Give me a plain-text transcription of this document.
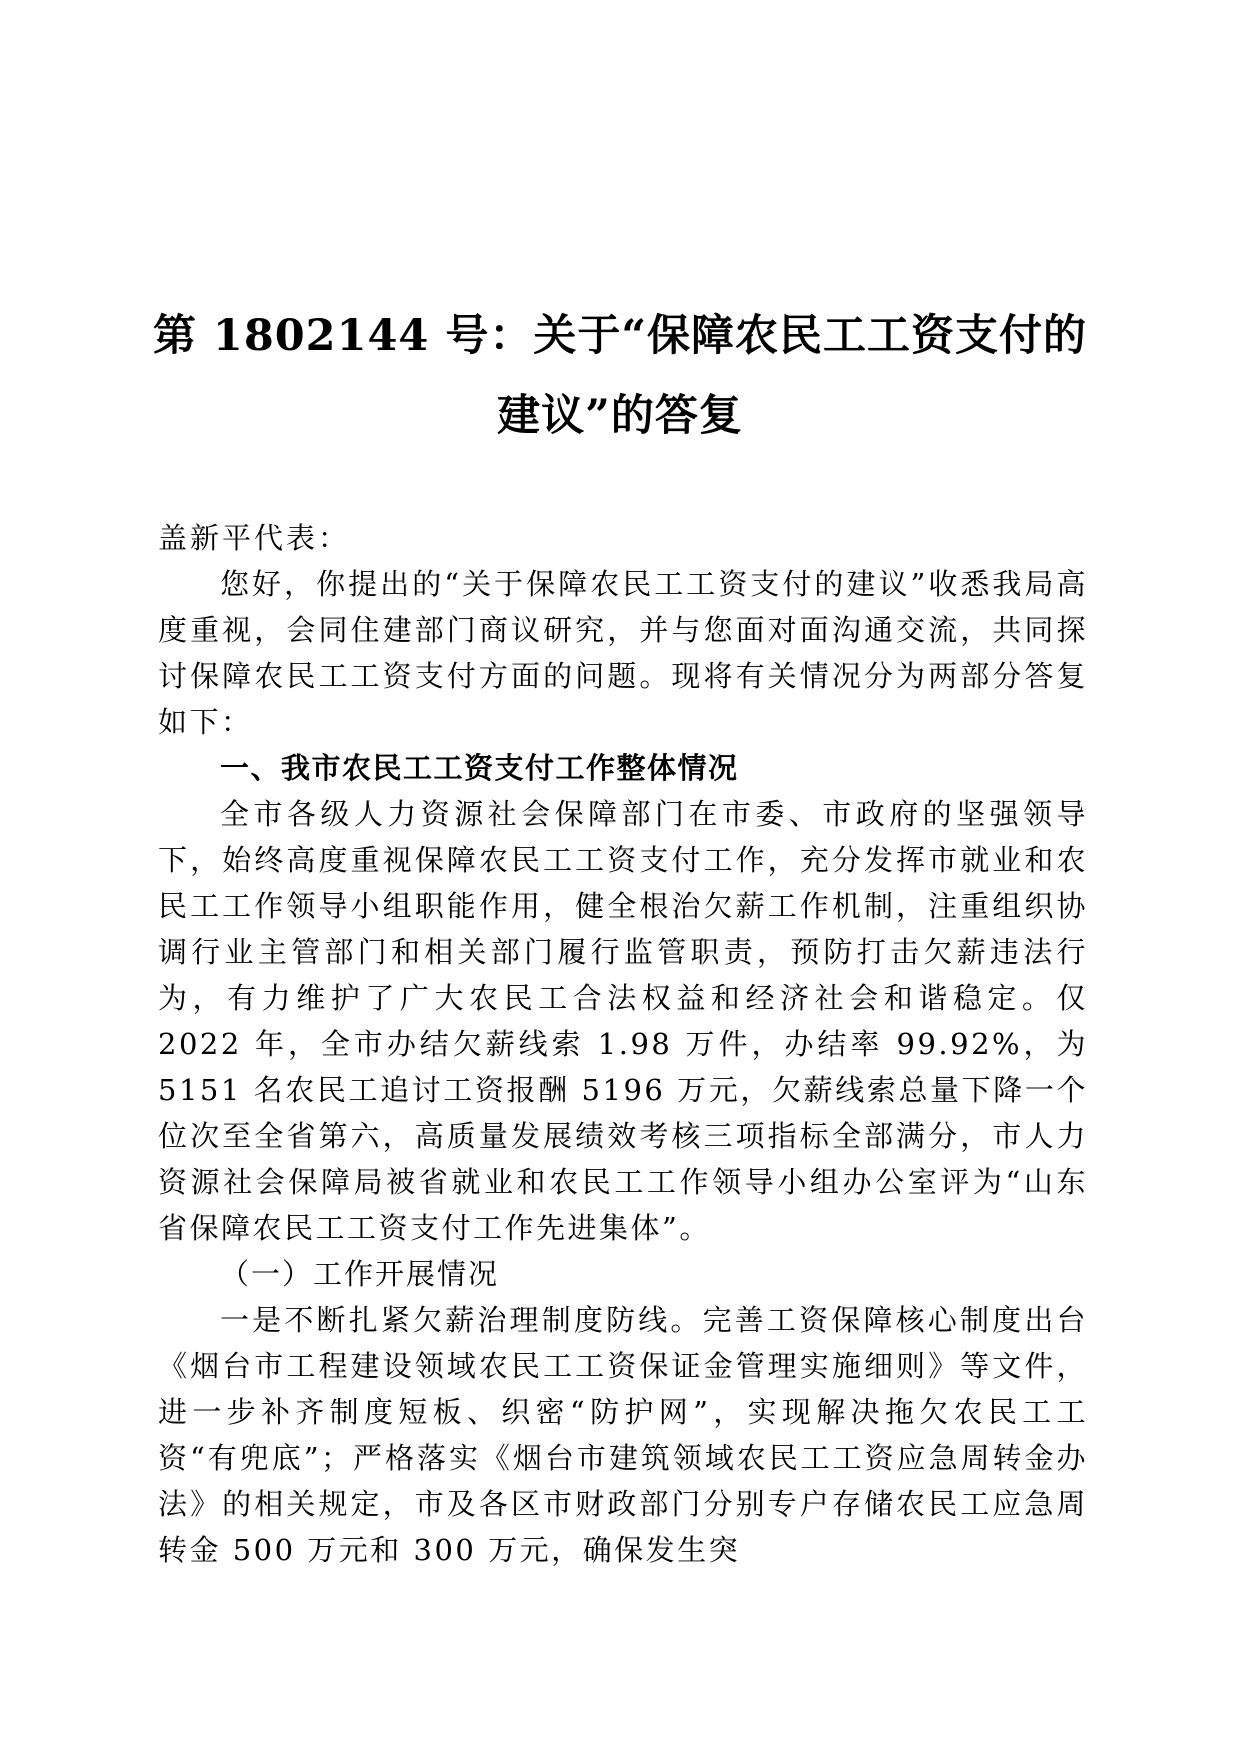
第 1802144 号：关于“保障农民工工资支付的
建议”的答复

盖新平代表：

您好，你提出的“关于保障农民工工资支付的建议”收悉我局高度重视，会同住建部门商议研究，并与您面对面沟通交流，共同探讨保障农民工工资支付方面的问题。现将有关情况分为两部分答复如下：

一、我市农民工工资支付工作整体情况

全市各级人力资源社会保障部门在市委、市政府的坚强领导下，始终高度重视保障农民工工资支付工作，充分发挥市就业和农民工工作领导小组职能作用，健全根治欠薪工作机制，注重组织协调行业主管部门和相关部门履行监管职责，预防打击欠薪违法行为，有力维护了广大农民工合法权益和经济社会和谐稳定。仅 2022 年，全市办结欠薪线索 1.98 万件，办结率 99.92%，为 5151 名农民工追讨工资报酬 5196 万元，欠薪线索总量下降一个位次至全省第六，高质量发展绩效考核三项指标全部满分，市人力资源社会保障局被省就业和农民工工作领导小组办公室评为“山东省保障农民工工资支付工作先进集体”。

（一）工作开展情况

一是不断扎紧欠薪治理制度防线。完善工资保障核心制度出台《烟台市工程建设领域农民工工资保证金管理实施细则》等文件，进一步补齐制度短板、织密“防护网”，实现解决拖欠农民工工资“有兜底”；严格落实《烟台市建筑领域农民工工资应急周转金办法》的相关规定，市及各区市财政部门分别专户存储农民工应急周转金 500 万元和 300 万元，确保发生突
